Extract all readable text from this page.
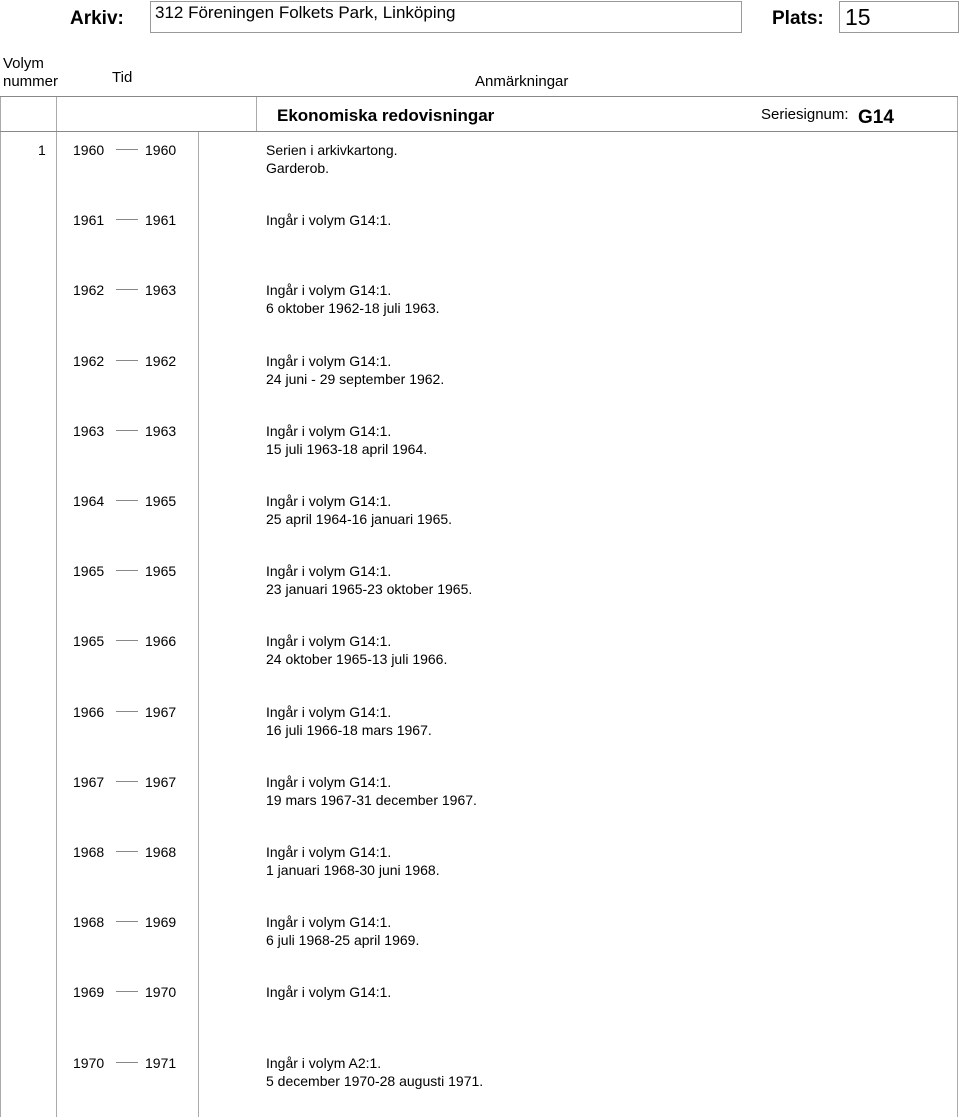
Arkiv: 312 Föreningen Folkets Park, Linköping	Plats: 15
Volym
nummer	Tid	Anmärkningar
Ekonomiska redovisningar	Seriesignum: G14
1 1960	1960	Serien i arkivkartong.
Garderob.
1961	1961	Ingår i volym G14:1.
1962	1963	Ingår i volym G14:1.
6 oktober 1962-18 juli 1963.
1962	1962	Ingår i volym G14:1.
24 juni - 29 september 1962.
1963	1963	Ingår i volym G14:1.
15 juli 1963-18 april 1964.
1964	1965	Ingår i volym G14:1.
25 april 1964-16 januari 1965.
1965	1965	Ingår i volym G14:1.
23 januari 1965-23 oktober 1965.
1965	1966	Ingår i volym G14:1.
24 oktober 1965-13 juli 1966.
1966	1967	Ingår i volym G14:1.
16 juli 1966-18 mars 1967.
1967	1967	Ingår i volym G14:1.
19 mars 1967-31 december 1967.
1968	1968	Ingår i volym G14:1.
1 januari 1968-30 juni 1968.
1968	1969	Ingår i volym G14:1.
6 juli 1968-25 april 1969.
1969	1970	Ingår i volym G14:1.
1970	1971	Ingår i volym A2:1.
5 december 1970-28 augusti 1971.
